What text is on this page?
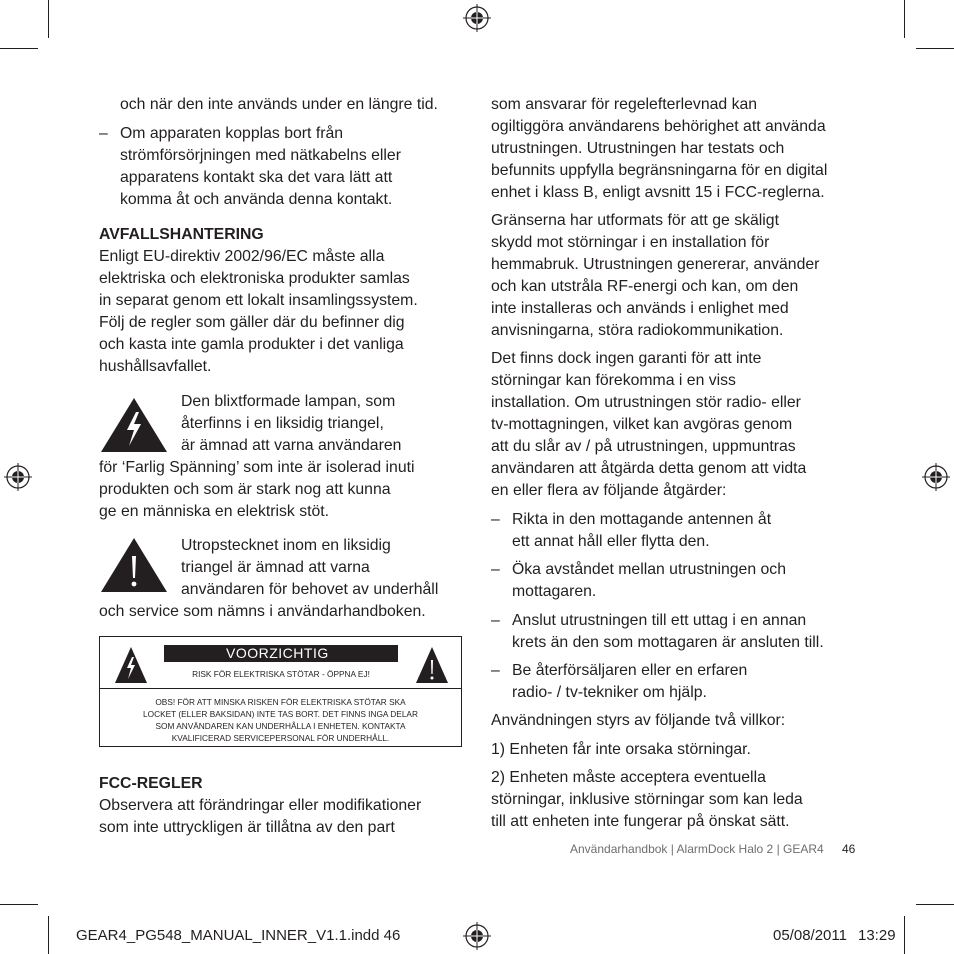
och när den inte används under en längre tid.
– Om apparaten kopplas bort från
strömförsörjningen med nätkabelns eller
apparatens kontakt ska det vara lätt att
komma åt och använda denna kontakt.
AVFALLSHANTERING
Enligt EU-direktiv 2002/96/EC måste alla
elektriska och elektroniska produkter samlas
in separat genom ett lokalt insamlingssystem.
Följ de regler som gäller där du befinner dig
och kasta inte gamla produkter i det vanliga
hushållsavfallet.
Den blixtformade lampan, som
återfinns i en liksidig triangel,
är ämnad att varna användaren
för ‘Farlig Spänning’ som inte är isolerad inuti
produkten och som är stark nog att kunna
ge en människa en elektrisk stöt.
Utropstecknet inom en liksidig
triangel är ämnad att varna
användaren för behovet av underhåll
och service som nämns i användarhandboken.
VOORZICHTIG
RISK FÖR ELEKTRISKA STÖTAR - ÖPPNA EJ!
OBS! FÖR ATT MINSKA RISKEN FÖR ELEKTRISKA STÖTAR SKA
LOCKET (ELLER BAKSIDAN) INTE TAS BORT. DET FINNS INGA DELAR
SOM ANVÄNDAREN KAN UNDERHÅLLA I ENHETEN. KONTAKTA
KVALIFICERAD SERVICEPERSONAL FÖR UNDERHÅLL.
FCC-REGLER
Observera att förändringar eller modifikationer
som inte uttryckligen är tillåtna av den part
som ansvarar för regelefterlevnad kan
ogiltiggöra användarens behörighet att använda
utrustningen. Utrustningen har testats och
befunnits uppfylla begränsningarna för en digital
enhet i klass B, enligt avsnitt 15 i FCC-reglerna.
Gränserna har utformats för att ge skäligt
skydd mot störningar i en installation för
hemmabruk. Utrustningen genererar, använder
och kan utstråla RF-energi och kan, om den
inte installeras och används i enlighet med
anvisningarna, störa radiokommunikation.
Det finns dock ingen garanti för att inte
störningar kan förekomma i en viss
installation. Om utrustningen stör radio- eller
tv-mottagningen, vilket kan avgöras genom
att du slår av / på utrustningen, uppmuntras
användaren att åtgärda detta genom att vidta
en eller flera av följande åtgärder:
– Rikta in den mottagande antennen åt
ett annat håll eller flytta den.
– Öka avståndet mellan utrustningen och
mottagaren.
– Anslut utrustningen till ett uttag i en annan
krets än den som mottagaren är ansluten till.
– Be återförsäljaren eller en erfaren
radio- / tv-tekniker om hjälp.
Användningen styrs av följande två villkor:
1) Enheten får inte orsaka störningar.
2) Enheten måste acceptera eventuella
störningar, inklusive störningar som kan leda
till att enheten inte fungerar på önskat sätt.
Användarhandbok | AlarmDock Halo 2 | GEAR4 46
GEAR4_PG548_MANUAL_INNER_V1.1.indd 46	05/08/2011 13:29
